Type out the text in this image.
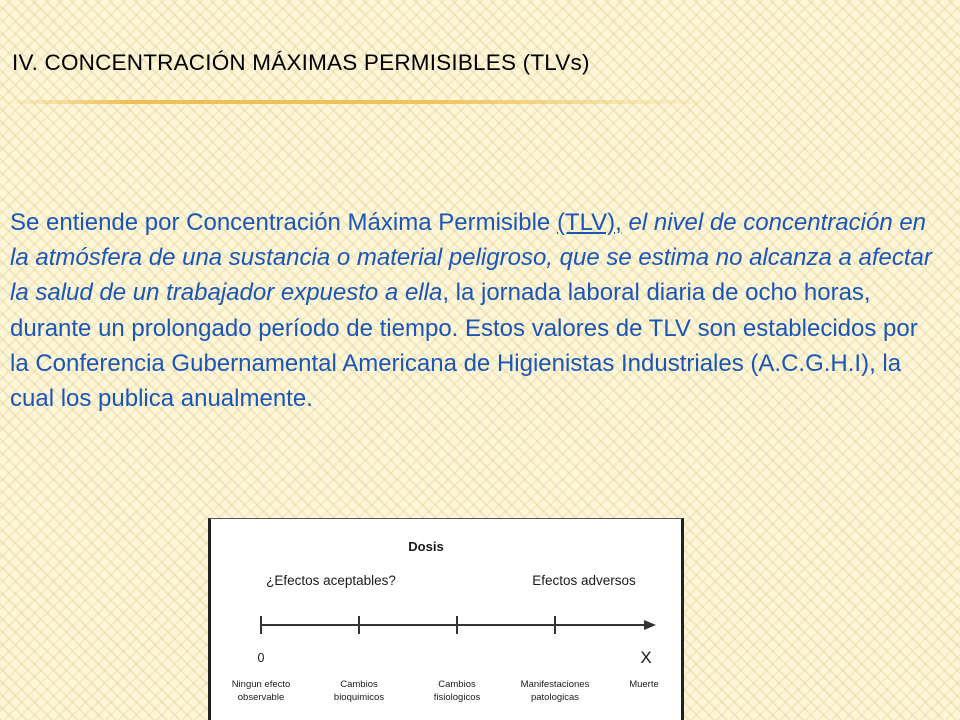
IV. CONCENTRACIÓN MÁXIMAS PERMISIBLES (TLVs)

Se entiende por Concentración Máxima Permisible (TLV), el nivel de concentración en la atmósfera de una sustancia o material peligroso, que se estima no alcanza a afectar la salud de un trabajador expuesto a ella, la jornada laboral diaria de ocho horas, durante un prolongado período de tiempo. Estos valores de TLV son establecidos por la Conferencia Gubernamental Americana de Higienistas Industriales (A.C.G.H.I), la cual los publica anualmente.

Dosis
¿Efectos aceptables?	Efectos adversos
0	X
Ningun efecto
observable
Cambios
bioquimicos
Cambios
fisiologicos
Manifestaciones
patologicas
Muerte
